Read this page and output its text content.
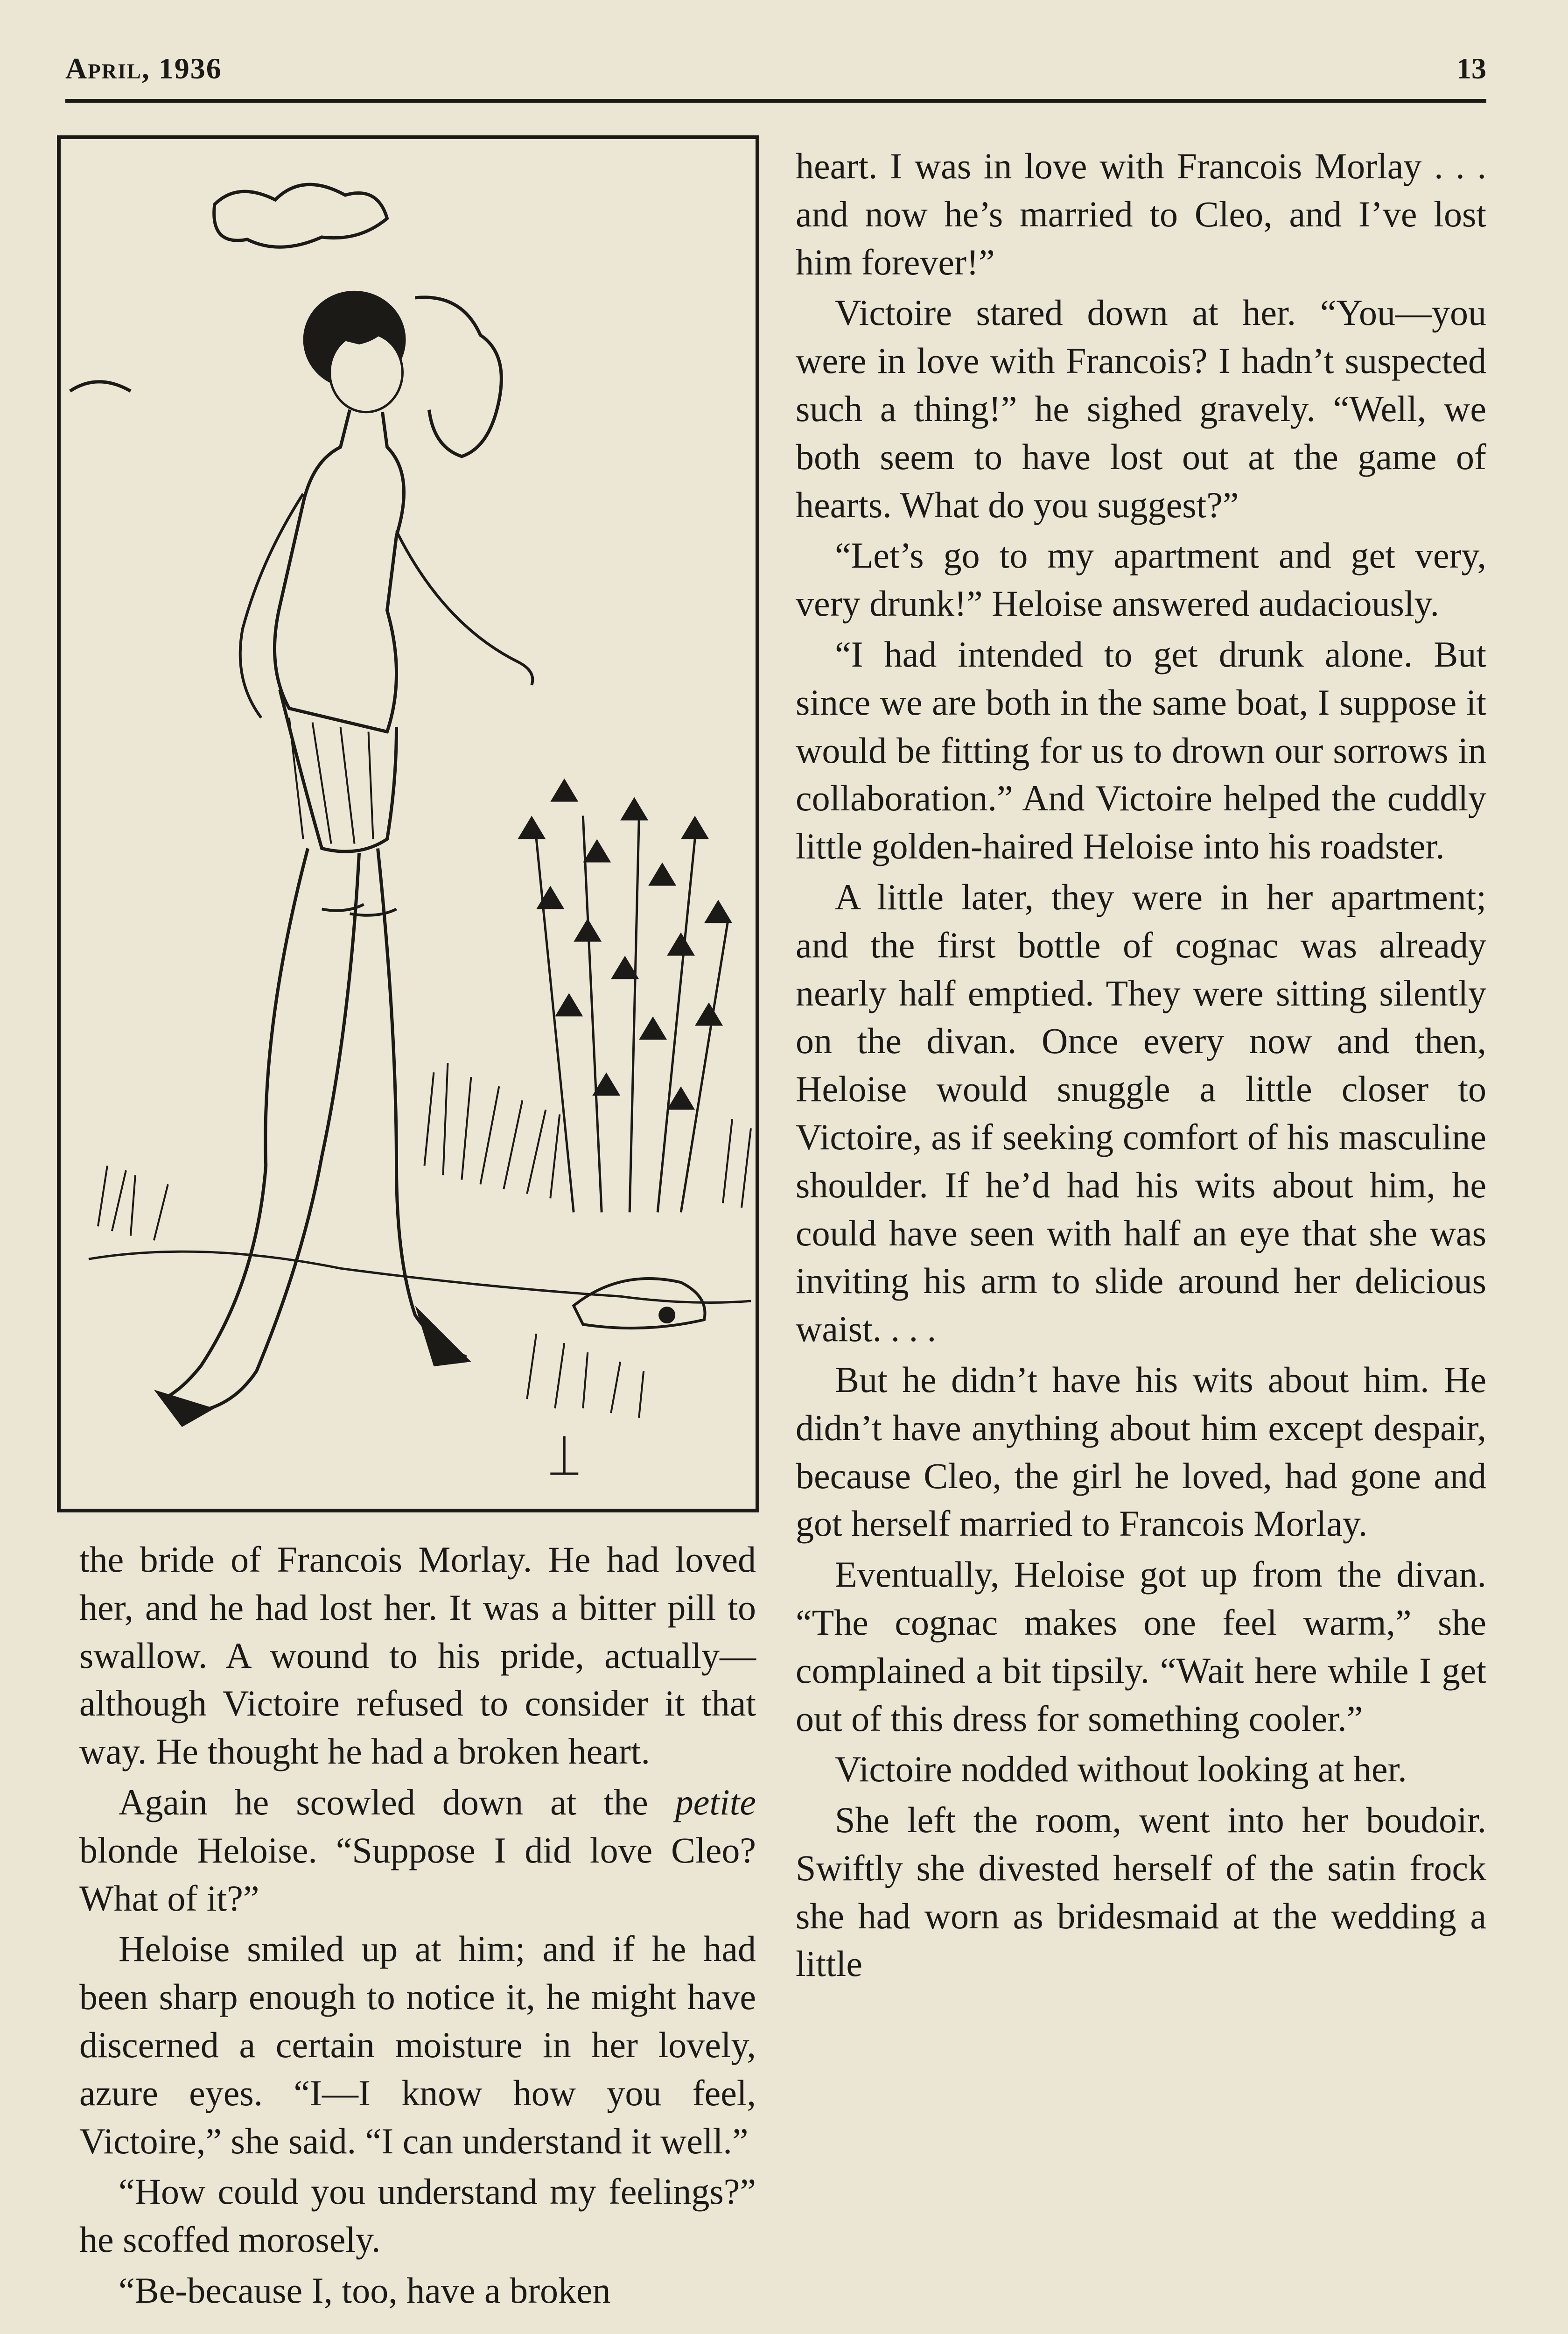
April, 1936	13

the bride of Francois Morlay. He had loved her, and he had lost her. It was a bitter pill to swallow. A wound to his pride, actually—although Victoire refused to consider it that way. He thought he had a broken heart.

Again he scowled down at the petite blonde Heloise. “Suppose I did love Cleo? What of it?”

Heloise smiled up at him; and if he had been sharp enough to notice it, he might have discerned a certain moisture in her lovely, azure eyes. “I—I know how you feel, Victoire,” she said. “I can understand it well.”

“How could you understand my feelings?” he scoffed morosely.

“Be-because I, too, have a broken

heart. I was in love with Francois Morlay . . . and now he’s married to Cleo, and I’ve lost him forever!”

Victoire stared down at her. “You—you were in love with Francois? I hadn’t suspected such a thing!” he sighed gravely. “Well, we both seem to have lost out at the game of hearts. What do you suggest?”

“Let’s go to my apartment and get very, very drunk!” Heloise answered audaciously.

“I had intended to get drunk alone. But since we are both in the same boat, I suppose it would be fitting for us to drown our sorrows in collaboration.” And Victoire helped the cuddly little golden-haired Heloise into his roadster.

A little later, they were in her apartment; and the first bottle of cognac was already nearly half emptied. They were sitting silently on the divan. Once every now and then, Heloise would snuggle a little closer to Victoire, as if seeking comfort of his masculine shoulder. If he’d had his wits about him, he could have seen with half an eye that she was inviting his arm to slide around her delicious waist. . . .

But he didn’t have his wits about him. He didn’t have anything about him except despair, because Cleo, the girl he loved, had gone and got herself married to Francois Morlay.

Eventually, Heloise got up from the divan. “The cognac makes one feel warm,” she complained a bit tipsily. “Wait here while I get out of this dress for something cooler.”

Victoire nodded without looking at her.

She left the room, went into her boudoir. Swiftly she divested herself of the satin frock she had worn as bridesmaid at the wedding a little
